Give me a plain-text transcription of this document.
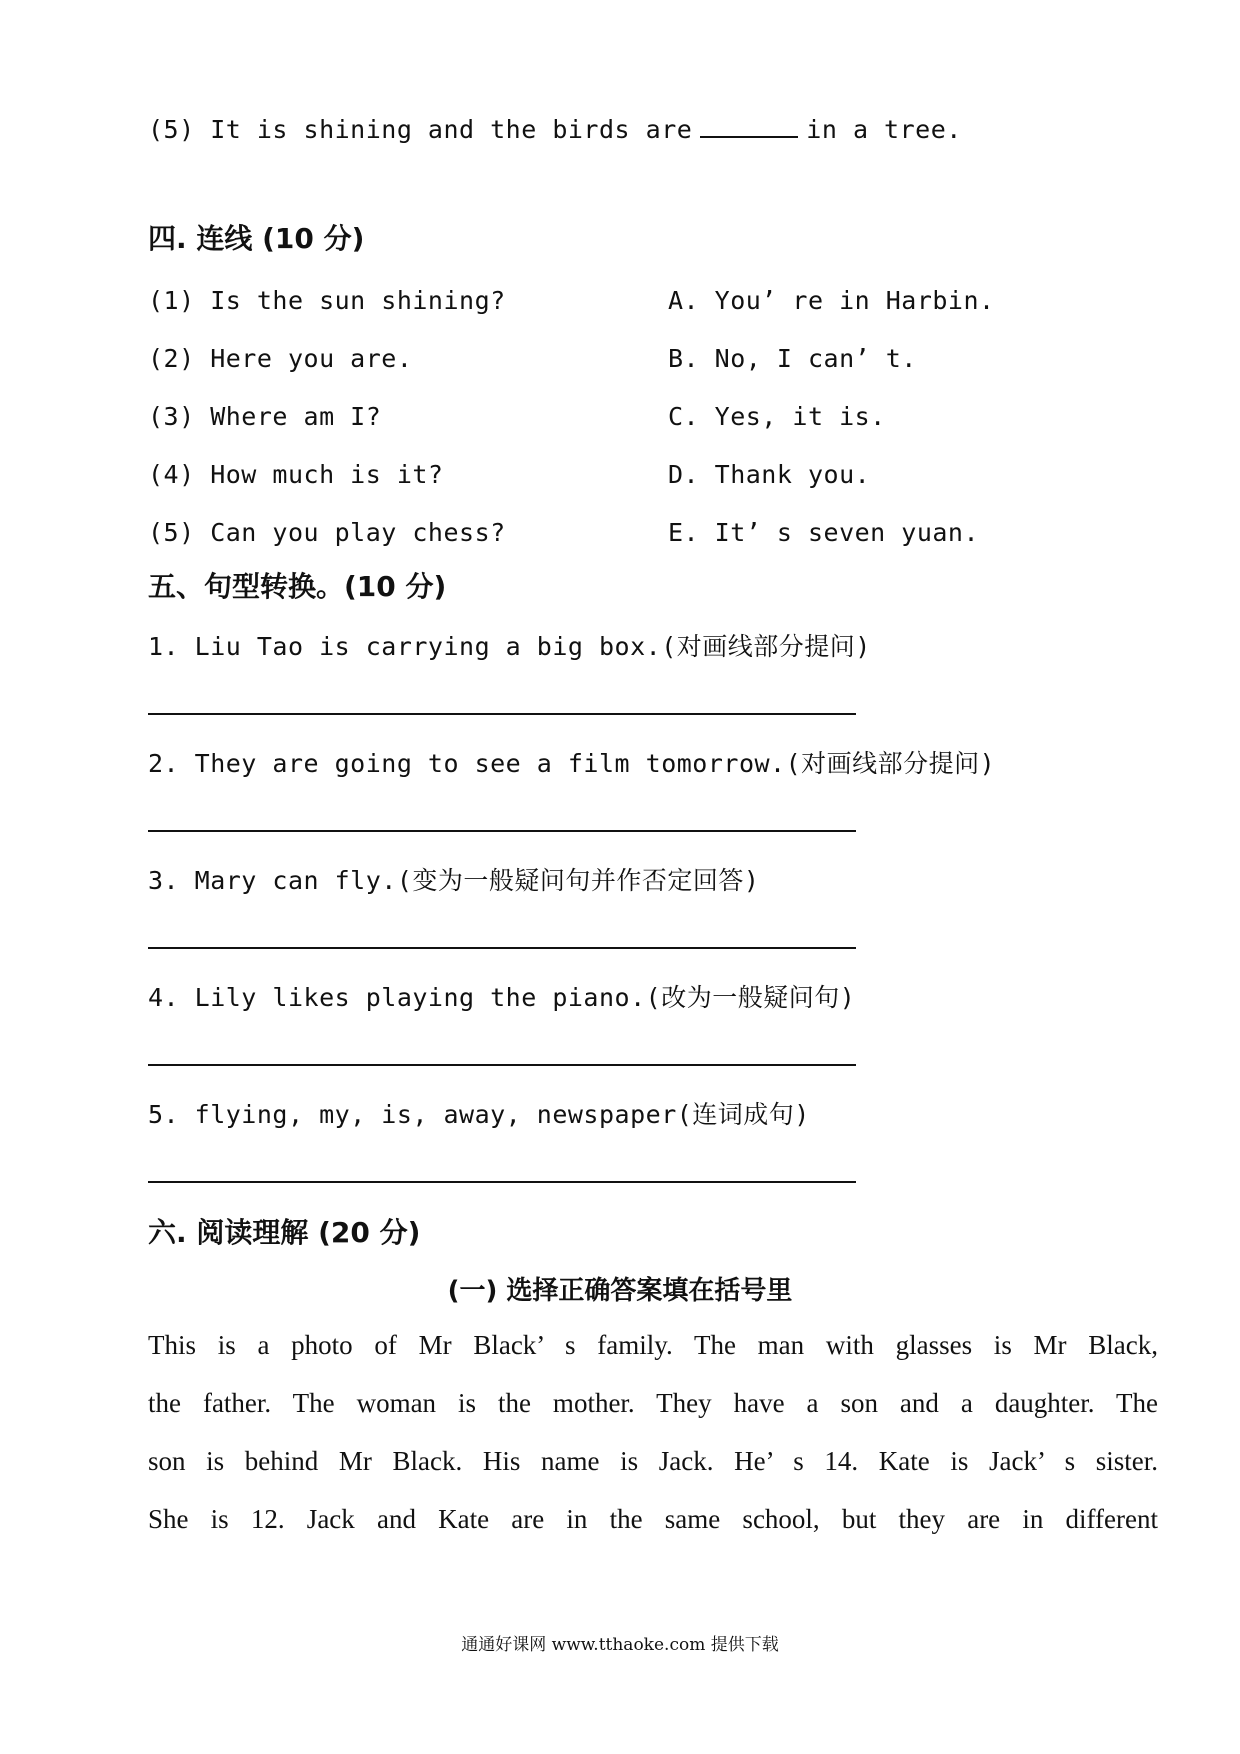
(5) It is shining and the birds are	in a tree.
四. 连线 (10 分)
(1) Is the sun shining?	A. You’ re in Harbin.
(2) Here you are.	B. No, I can’ t.
(3) Where am I?	C. Yes, it is.
(4) How much is it?	D. Thank you.
(5) Can you play chess?	E. It’ s seven yuan.
五、句型转换。(10 分)
1. Liu Tao is carrying a big box.(对画线部分提问)
2. They are going to see a film tomorrow.(对画线部分提问)
3. Mary can fly.(变为一般疑问句并作否定回答)
4. Lily likes playing the piano.(改为一般疑问句)
5. flying, my, is, away, newspaper(连词成句)
六. 阅读理解 (20 分)
(一) 选择正确答案填在括号里

This is a photo of Mr Black’ s family. The man with glasses is Mr Black,

the father. The woman is the mother. They have a son and a daughter. The

son is behind Mr Black. His name is Jack. He’ s 14. Kate is Jack’ s sister.

She is 12. Jack and Kate are in the same school, but they are in different

通通好课网 www.tthaoke.com 提供下载
